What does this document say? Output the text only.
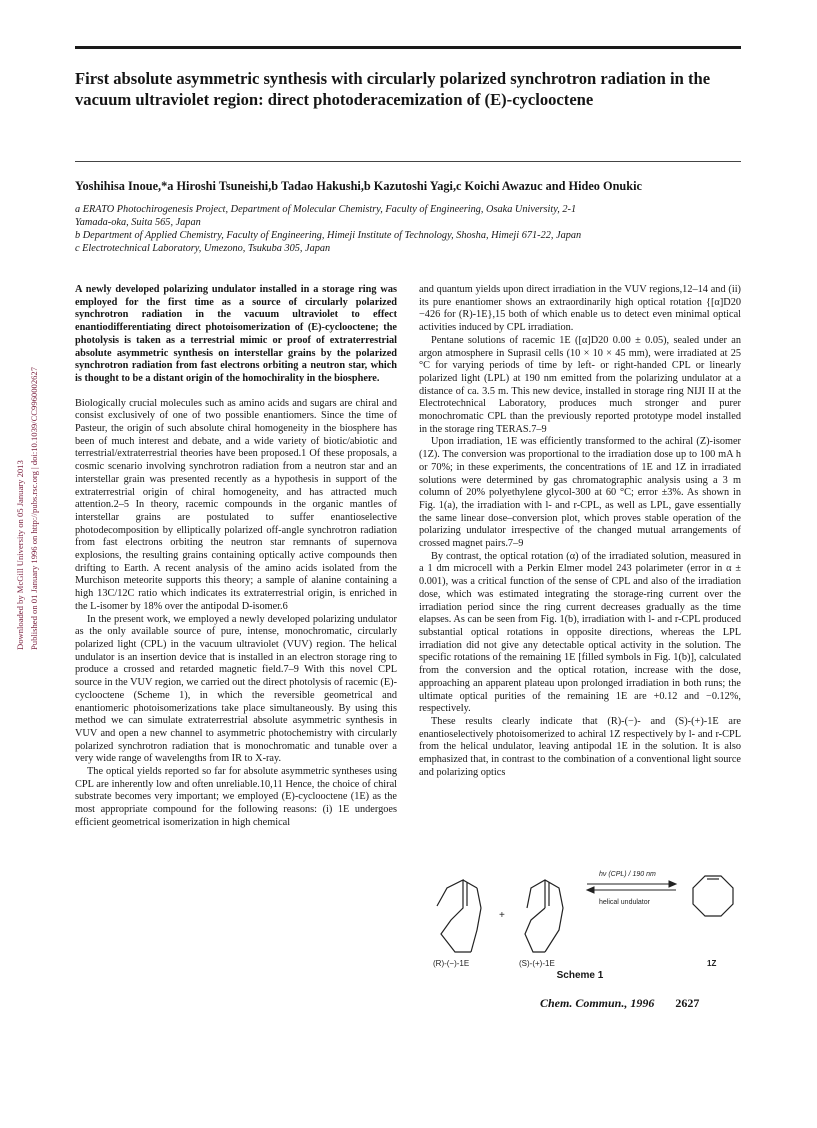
Downloaded by McGill University on 05 January 2013 Published on 01 January 1996 on http://pubs.rsc.org | doi:10.1039/CC9960002627
First absolute asymmetric synthesis with circularly polarized synchrotron radiation in the vacuum ultraviolet region: direct photoderacemization of (E)-cyclooctene
Yoshihisa Inoue,*a Hiroshi Tsuneishi,b Tadao Hakushi,b Kazutoshi Yagi,c Koichi Awazuc and Hideo Onukic
a ERATO Photochirogenesis Project, Department of Molecular Chemistry, Faculty of Engineering, Osaka University, 2-1
Yamada-oka, Suita 565, Japan
b Department of Applied Chemistry, Faculty of Engineering, Himeji Institute of Technology, Shosha, Himeji 671-22, Japan
c Electrotechnical Laboratory, Umezono, Tsukuba 305, Japan

A newly developed polarizing undulator installed in a storage ring was employed for the first time as a source of circularly polarized synchrotron radiation in the vacuum ultraviolet to effect enantiodifferentiating direct photoisomerization of (E)-cyclooctene; the photolysis is taken as a terrestrial mimic or proof of extraterrestrial absolute asymmetric synthesis on interstellar grains by the polarized synchrotron radiation from fast electrons orbiting a neutron star, which is thought to be a distant origin of the homochirality in the biosphere.

Biologically crucial molecules such as amino acids and sugars are chiral and consist exclusively of one of two possible enantiomers. Since the time of Pasteur, the origin of such absolute chiral homogeneity in the biosphere has been of much interest and debate, and a wide variety of biotic/abiotic and terrestrial/extraterrestrial theories have been proposed.1 Of these proposals, a cosmic scenario involving synchrotron radiation from a neutron star and an interstellar grain was presented recently as a hypothesis in support of the extraterrestrial origin of chiral homogeneity, and has attracted much attention.2–5 In theory, racemic compounds in the organic mantles of interstellar grains are postulated to suffer enantioselective photodecomposition by elliptically polarized off-angle synchrotron radiation from fast electrons orbiting the neutron star remnants of supernova explosions, the resulting grains containing optically active compounds then drifting to Earth. A recent analysis of the amino acids isolated from the Murchison meteorite supports this theory; a sample of alanine containing a high 13C/12C ratio which indicates its extraterrestrial origin, is enriched in the L-isomer by 18% over the antipodal D-isomer.6

In the present work, we employed a newly developed polarizing undulator as the only available source of pure, intense, monochromatic, circularly polarized light (CPL) in the vacuum ultraviolet (VUV) region. The helical undulator is an insertion device that is installed in an electron storage ring to produce a crossed and retarded magnetic field.7–9 With this novel CPL source in the VUV region, we carried out the direct photolysis of racemic (E)-cyclooctene (Scheme 1), in which the reversible geometrical and enantiomeric photoisomerizations take place simultaneously. By using this method we can simulate extraterrestrial absolute asymmetric synthesis in VUV and open a new channel to asymmetric photochemistry with circularly polarized synchrotron radiation that is monochromatic and tunable over a very wide range of wavelengths from IR to X-ray.

The optical yields reported so far for absolute asymmetric syntheses using CPL are inherently low and often unreliable.10,11 Hence, the choice of chiral substrate becomes very important; we employed (E)-cyclooctene (1E) as the most appropriate compound for the following reasons: (i) 1E undergoes efficient geometrical isomerization in high chemical

and quantum yields upon direct irradiation in the VUV regions,12–14 and (ii) its pure enantiomer shows an extraordinarily high optical rotation {[α]D20 −426 for (R)-1E},15 both of which enable us to detect even minimal optical activities induced by CPL irradiation.

Pentane solutions of racemic 1E ([α]D20 0.00 ± 0.05), sealed under an argon atmosphere in Suprasil cells (10 × 10 × 45 mm), were irradiated at 25 °C for varying periods of time by left- or right-handed CPL or linearly polarized light (LPL) at 190 nm emitted from the polarizing undulator at a distance of ca. 3.5 m. This new device, installed in storage ring NIJI II at the Electrotechnical Laboratory, produces much stronger and purer monochromatic CPL than the previously reported prototype model installed in the storage ring TERAS.7–9

Upon irradiation, 1E was efficiently transformed to the achiral (Z)-isomer (1Z). The conversion was proportional to the irradiation dose up to 100 mA h or 70%; in these experiments, the concentrations of 1E and 1Z in irradiated solutions were determined by gas chromatographic analysis using a 3 m column of 20% polyethylene glycol-300 at 60 °C; error ±3%. As shown in Fig. 1(a), the irradiation with l- and r-CPL, as well as LPL, gave essentially the same linear dose–conversion plot, which proves stable operation of the polarizing undulator irrespective of the changed mutual arrangements of crossed magnet pairs.7–9

By contrast, the optical rotation (α) of the irradiated solution, measured in a 1 dm microcell with a Perkin Elmer model 243 polarimeter (error in α ± 0.001), was a critical function of the sense of CPL and also of the irradiation dose, which was estimated integrating the storage-ring current over the irradiation period since the ring current decreases gradually as the time elapses. As can be seen from Fig. 1(b), irradiation with l- and r-CPL produced substantial optical rotations in opposite directions, whereas the LPL irradiation did not give any detectable optical activity in the solution. The specific rotations of the remaining 1E [filled symbols in Fig. 1(b)], calculated from the conversion and the optical rotation, increase with the dose, approaching an apparent plateau upon prolonged irradiation in both runs; the ultimate optical purities of the remaining 1E are +0.12 and −0.12%, respectively.

These results clearly indicate that (R)-(−)- and (S)-(+)-1E are enantioselectively photoisomerized to achiral 1Z respectively by l- and r-CPL from the helical undulator, leaving antipodal 1E in the solution. It is also emphasized that, in contrast to the combination of a conventional light source and polarizing optics

+
hν (CPL) / 190 nm
helical undulator
(R)-(−)-1E	(S)-(+)-1E	1Z
Scheme 1
Chem. Commun., 1996 2627
